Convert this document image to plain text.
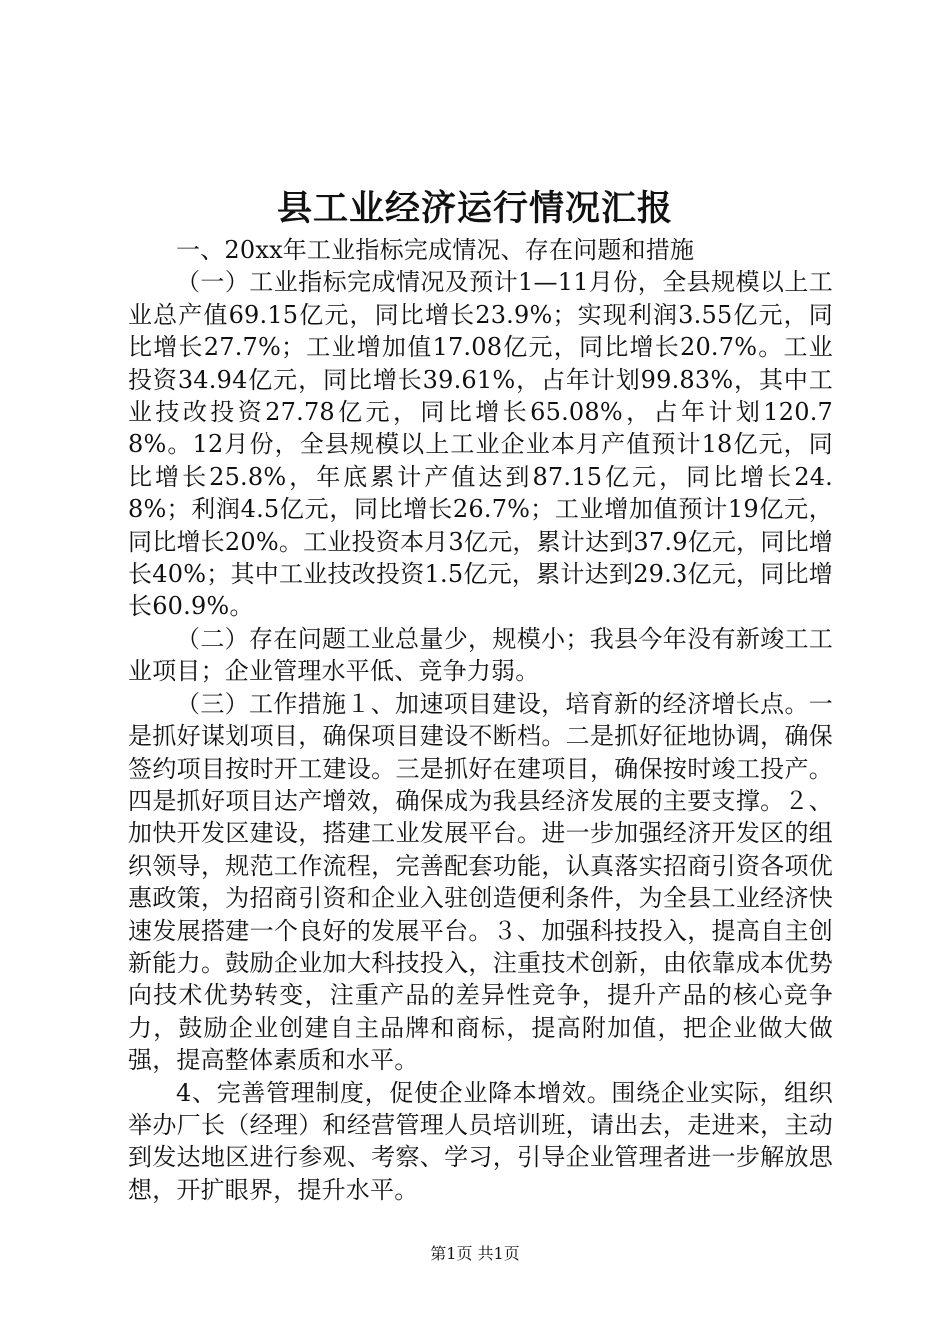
县工业经济运行情况汇报

一、20xx年工业指标完成情况、存在问题和措施

（一）工业指标完成情况及预计1—11月份，全县规模以上工业总产值69.15亿元，同比增长23.9%；实现利润3.55亿元，同比增长27.7%；工业增加值17.08亿元，同比增长20.7%。工业投资34.94亿元，同比增长39.61%，占年计划99.83%，其中工业技改投资27.78亿元，同比增长65.08%，占年计划120.78%。12月份，全县规模以上工业企业本月产值预计18亿元，同比增长25.8%，年底累计产值达到87.15亿元，同比增长24.8%；利润4.5亿元，同比增长26.7%；工业增加值预计19亿元，同比增长20%。工业投资本月3亿元，累计达到37.9亿元，同比增长40%；其中工业技改投资1.5亿元，累计达到29.3亿元，同比增长60.9%。

（二）存在问题工业总量少，规模小；我县今年没有新竣工工业项目；企业管理水平低、竞争力弱。

（三）工作措施１、加速项目建设，培育新的经济增长点。一是抓好谋划项目，确保项目建设不断档。二是抓好征地协调，确保签约项目按时开工建设。三是抓好在建项目，确保按时竣工投产。四是抓好项目达产增效，确保成为我县经济发展的主要支撑。２、加快开发区建设，搭建工业发展平台。进一步加强经济开发区的组织领导，规范工作流程，完善配套功能，认真落实招商引资各项优惠政策，为招商引资和企业入驻创造便利条件，为全县工业经济快速发展搭建一个良好的发展平台。３、加强科技投入，提高自主创新能力。鼓励企业加大科技投入，注重技术创新，由依靠成本优势向技术优势转变，注重产品的差异性竞争，提升产品的核心竞争力，鼓励企业创建自主品牌和商标，提高附加值，把企业做大做强，提高整体素质和水平。

4、完善管理制度，促使企业降本增效。围绕企业实际，组织举办厂长（经理）和经营管理人员培训班，请出去，走进来，主动到发达地区进行参观、考察、学习，引导企业管理者进一步解放思想，开扩眼界，提升水平。

第1页 共1页
